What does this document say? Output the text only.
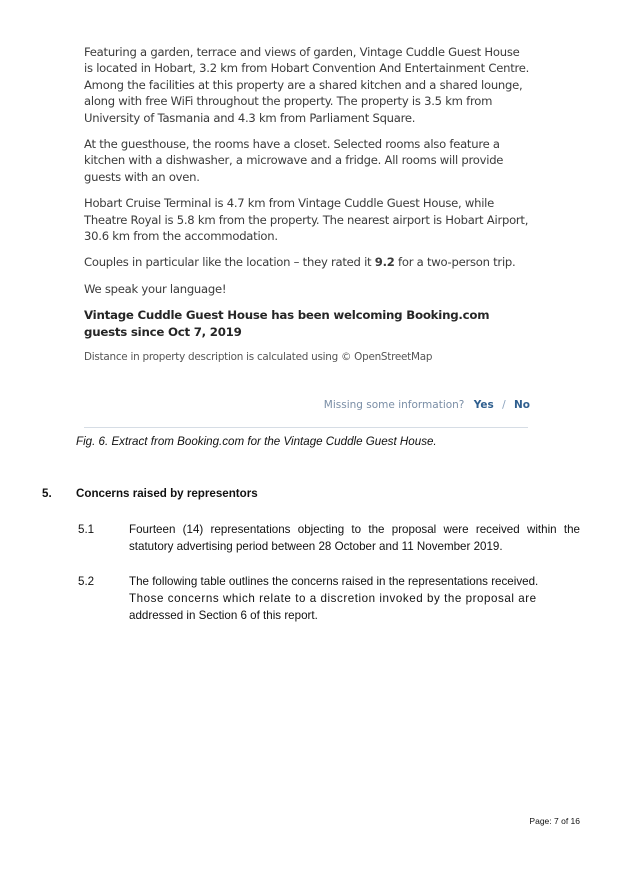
Featuring a garden, terrace and views of garden, Vintage Cuddle Guest House is located in Hobart, 3.2 km from Hobart Convention And Entertainment Centre. Among the facilities at this property are a shared kitchen and a shared lounge, along with free WiFi throughout the property. The property is 3.5 km from University of Tasmania and 4.3 km from Parliament Square.

At the guesthouse, the rooms have a closet. Selected rooms also feature a kitchen with a dishwasher, a microwave and a fridge. All rooms will provide guests with an oven.

Hobart Cruise Terminal is 4.7 km from Vintage Cuddle Guest House, while Theatre Royal is 5.8 km from the property. The nearest airport is Hobart Airport, 30.6 km from the accommodation.

Couples in particular like the location – they rated it 9.2 for a two-person trip.

We speak your language!

Vintage Cuddle Guest House has been welcoming Booking.com guests since Oct 7, 2019

Distance in property description is calculated using © OpenStreetMap

Missing some information? Yes / No
Fig. 6. Extract from Booking.com for the Vintage Cuddle Guest House.
5. Concerns raised by representors
5.1	Fourteen (14) representations objecting to the proposal were received within the statutory advertising period between 28 October and 11 November 2019.
5.2	The following table outlines the concerns raised in the representations received.
Those concerns which relate to a discretion invoked by the proposal are
addressed in Section 6 of this report.
Page: 7 of 16
